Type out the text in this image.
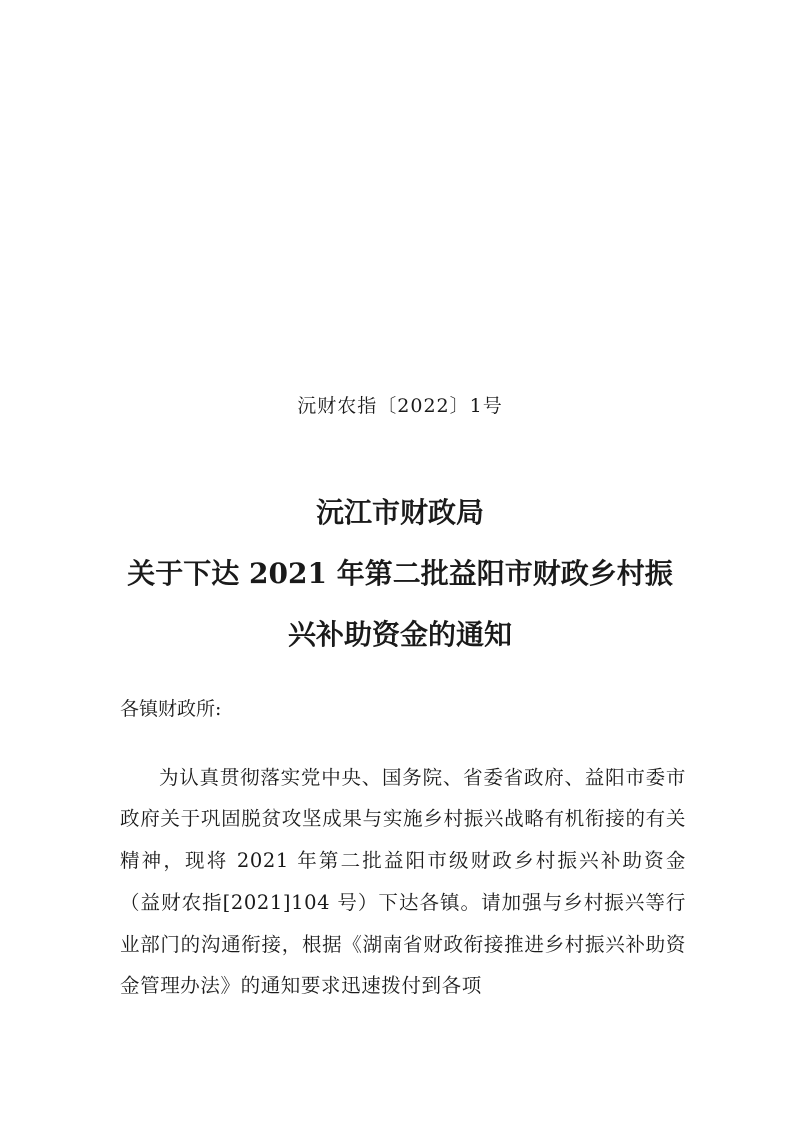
沅财农指〔2022〕1号
沅江市财政局
关于下达 2021 年第二批益阳市财政乡村振
兴补助资金的通知
各镇财政所:

为认真贯彻落实党中央、国务院、省委省政府、益阳市委市政府关于巩固脱贫攻坚成果与实施乡村振兴战略有机衔接的有关精神，现将 2021 年第二批益阳市级财政乡村振兴补助资金（益财农指[2021]104 号）下达各镇。请加强与乡村振兴等行业部门的沟通衔接，根据《湖南省财政衔接推进乡村振兴补助资金管理办法》的通知要求迅速拨付到各项
